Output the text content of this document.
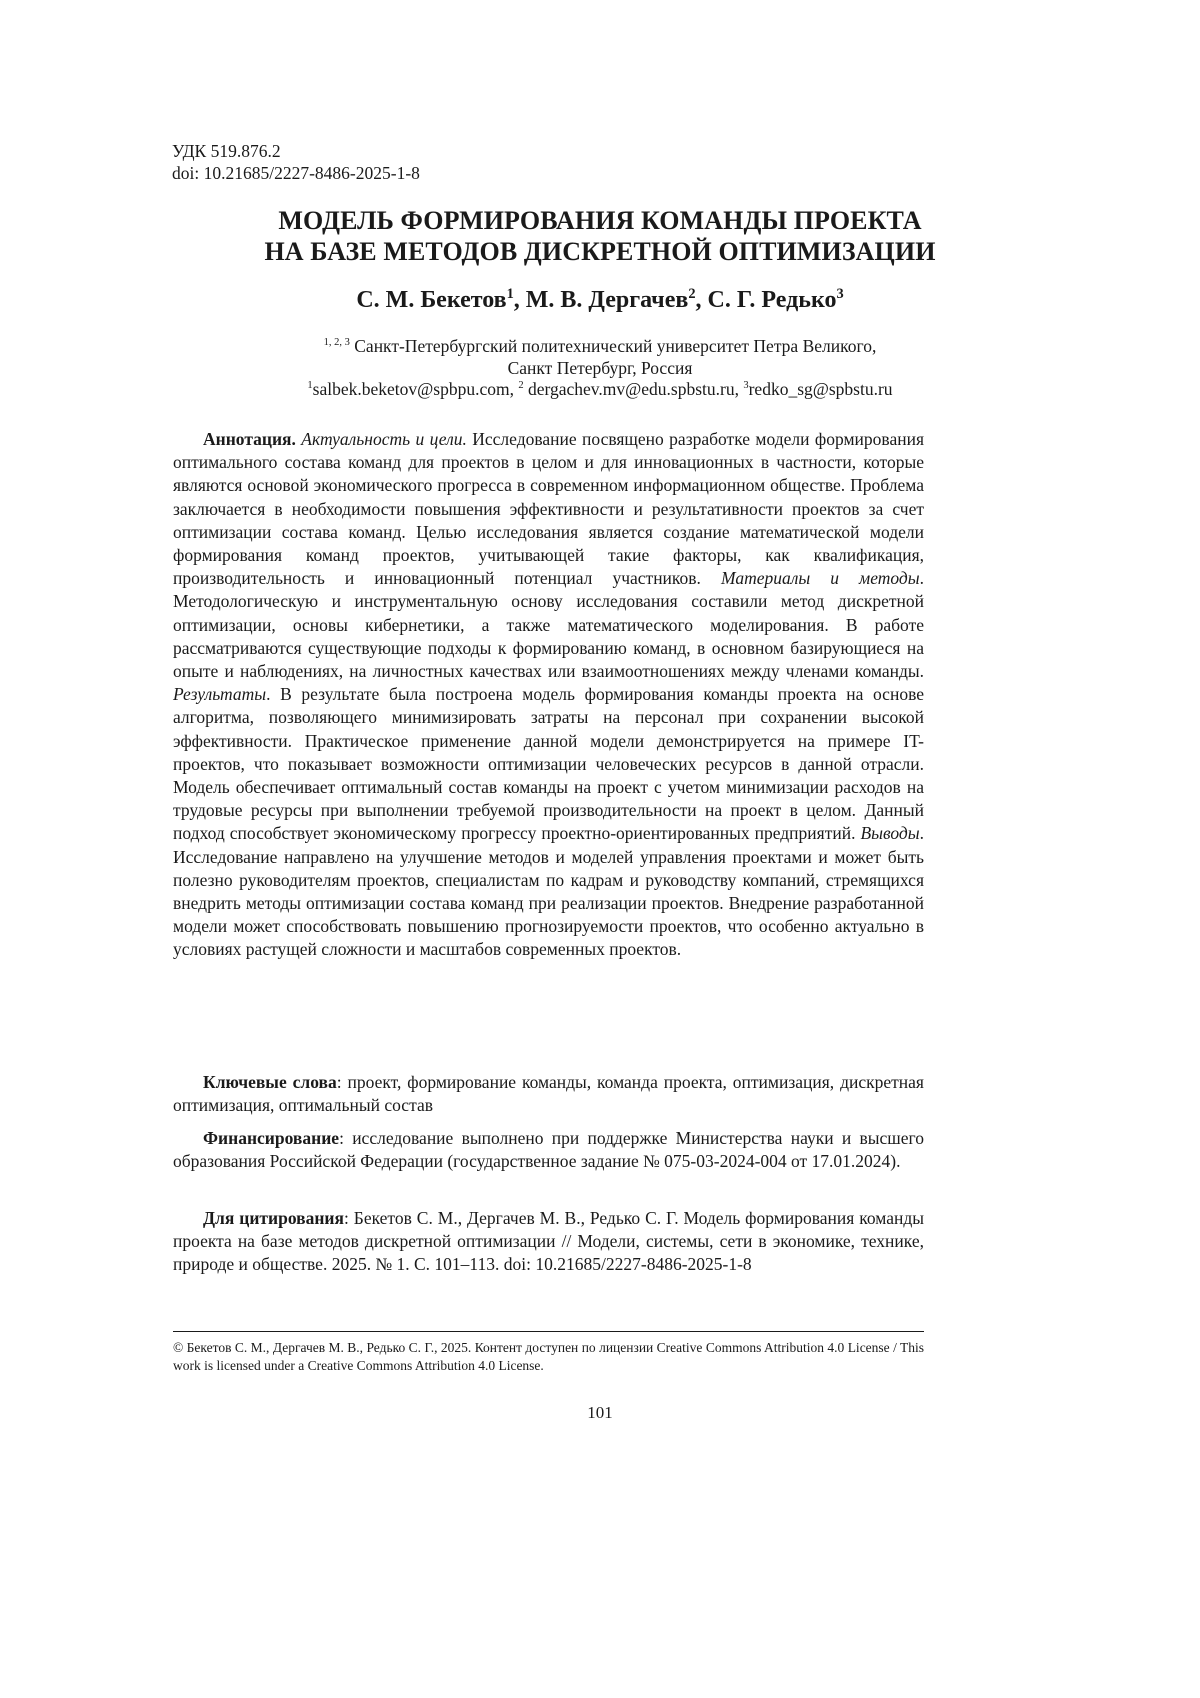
УДК 519.876.2
doi: 10.21685/2227-8486-2025-1-8
МОДЕЛЬ ФОРМИРОВАНИЯ КОМАНДЫ ПРОЕКТА
НА БАЗЕ МЕТОДОВ ДИСКРЕТНОЙ ОПТИМИЗАЦИИ
С. М. Бекетов$^1$, М. В. Дергачев$^2$, С. Г. Редько$^3$
$^{1, 2, 3}$ Санкт-Петербургский политехнический университет Петра Великого,
Санкт Петербург, Россия
$^1$salbek.beketov@spbpu.com, $^2$ dergachev.mv@edu.spbstu.ru, $^3$redko_sg@spbstu.ru

Аннотация. Актуальность и цели. Исследование посвящено разработке модели формирования оптимального состава команд для проектов в целом и для инновационных в частности, которые являются основой экономического прогресса в современном информационном обществе. Проблема заключается в необходимости повышения эффективности и результативности проектов за счет оптимизации состава команд. Целью исследования является создание математической модели формирования команд проектов, учитывающей такие факторы, как квалификация, производительность и инновационный потенциал участников. Материалы и методы. Методологическую и инструментальную основу исследования составили метод дискретной оптимизации, основы кибернетики, а также математического моделирования. В работе рассматриваются существующие подходы к формированию команд, в основном базирующиеся на опыте и наблюдениях, на личностных качествах или взаимоотношениях между членами команды. Результаты. В результате была построена модель формирования команды проекта на основе алгоритма, позволяющего минимизировать затраты на персонал при сохранении высокой эффективности. Практическое применение данной модели демонстрируется на примере IT-проектов, что показывает возможности оптимизации человеческих ресурсов в данной отрасли. Модель обеспечивает оптимальный состав команды на проект с учетом минимизации расходов на трудовые ресурсы при выполнении требуемой производительности на проект в целом. Данный подход способствует экономическому прогрессу проектно-ориентированных предприятий. Выводы. Исследование направлено на улучшение методов и моделей управления проектами и может быть полезно руководителям проектов, специалистам по кадрам и руководству компаний, стремящихся внедрить методы оптимизации состава команд при реализации проектов. Внедрение разработанной модели может способствовать повышению прогнозируемости проектов, что особенно актуально в условиях растущей сложности и масштабов современных проектов.

Ключевые слова: проект, формирование команды, команда проекта, оптимизация, дискретная оптимизация, оптимальный состав

Финансирование: исследование выполнено при поддержке Министерства науки и высшего образования Российской Федерации (государственное задание № 075-03-2024-004 от 17.01.2024).

Для цитирования: Бекетов С. М., Дергачев М. В., Редько С. Г. Модель формирования команды проекта на базе методов дискретной оптимизации // Модели, системы, сети в экономике, технике, природе и обществе. 2025. № 1. С. 101–113. doi: 10.21685/2227-8486-2025-1-8

© Бекетов С. М., Дергачев М. В., Редько С. Г., 2025. Контент доступен по лицензии Creative Commons Attribution 4.0 License / This work is licensed under a Creative Commons Attribution 4.0 License.
101
